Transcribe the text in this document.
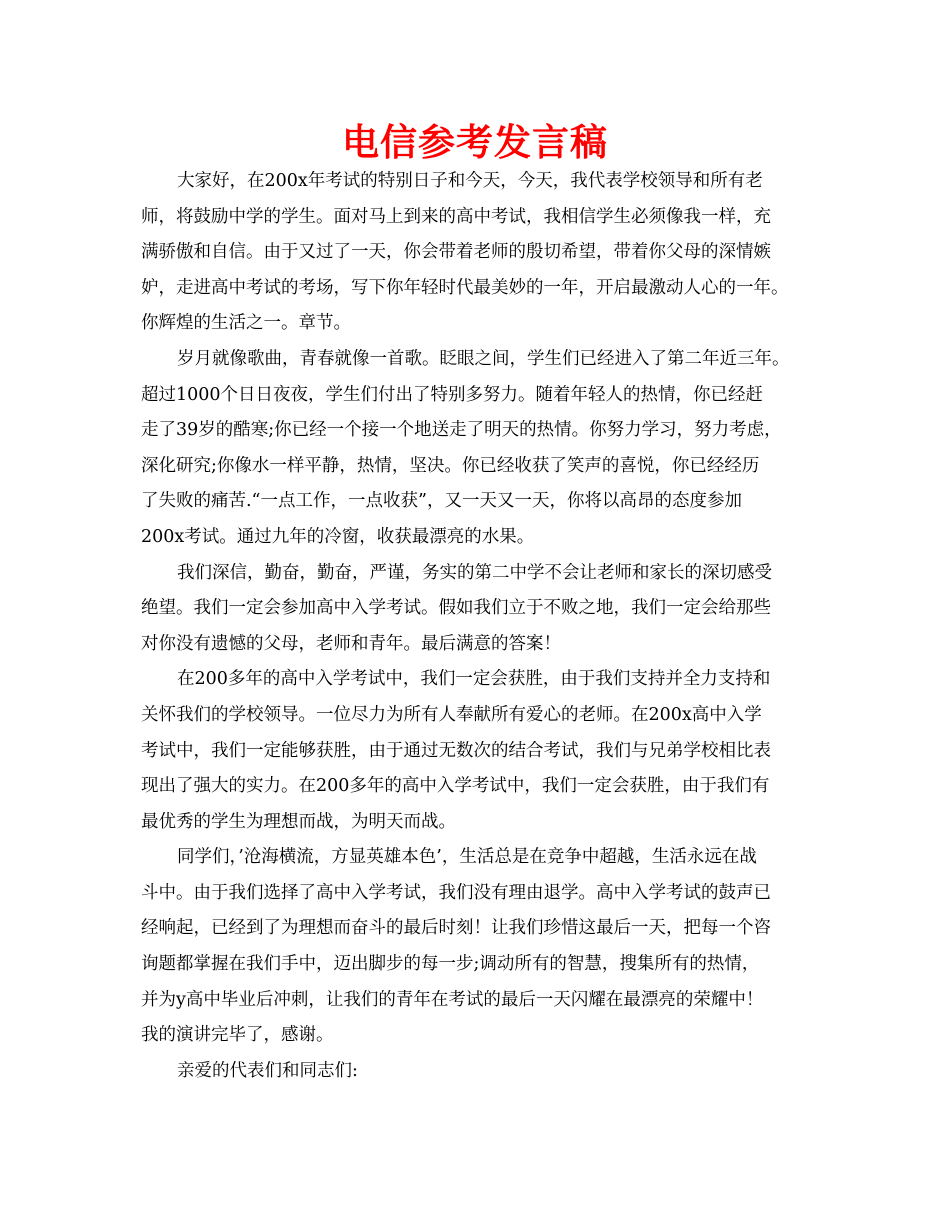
电信参考发言稿
大家好，在200x年考试的特别日子和今天，今天，我代表学校领导和所有老
师，将鼓励中学的学生。面对马上到来的高中考试，我相信学生必须像我一样，充
满骄傲和自信。由于又过了一天，你会带着老师的殷切希望，带着你父母的深情嫉
妒，走进高中考试的考场，写下你年轻时代最美妙的一年，开启最激动人心的一年。
你辉煌的生活之一。章节。
岁月就像歌曲，青春就像一首歌。眨眼之间，学生们已经进入了第二年近三年。
超过1000个日日夜夜，学生们付出了特别多努力。随着年轻人的热情，你已经赶
走了39岁的酷寒;你已经一个接一个地送走了明天的热情。你努力学习，努力考虑，
深化研究;你像水一样平静，热情，坚决。你已经收获了笑声的喜悦，你已经经历
了失败的痛苦.“一点工作，一点收获”，又一天又一天，你将以高昂的态度参加
200x考试。通过九年的冷窗，收获最漂亮的水果。
我们深信，勤奋，勤奋，严谨，务实的第二中学不会让老师和家长的深切感受
绝望。我们一定会参加高中入学考试。假如我们立于不败之地，我们一定会给那些
对你没有遗憾的父母，老师和青年。最后满意的答案！
在200多年的高中入学考试中，我们一定会获胜，由于我们支持并全力支持和
关怀我们的学校领导。一位尽力为所有人奉献所有爱心的老师。在200x高中入学
考试中，我们一定能够获胜，由于通过无数次的结合考试，我们与兄弟学校相比表
现出了强大的实力。在200多年的高中入学考试中，我们一定会获胜，由于我们有
最优秀的学生为理想而战，为明天而战。
同学们，’沧海横流，方显英雄本色’，生活总是在竞争中超越，生活永远在战
斗中。由于我们选择了高中入学考试，我们没有理由退学。高中入学考试的鼓声已
经响起，已经到了为理想而奋斗的最后时刻！让我们珍惜这最后一天，把每一个咨
询题都掌握在我们手中，迈出脚步的每一步;调动所有的智慧，搜集所有的热情，
并为y高中毕业后冲刺，让我们的青年在考试的最后一天闪耀在最漂亮的荣耀中！
我的演讲完毕了，感谢。
亲爱的代表们和同志们:
